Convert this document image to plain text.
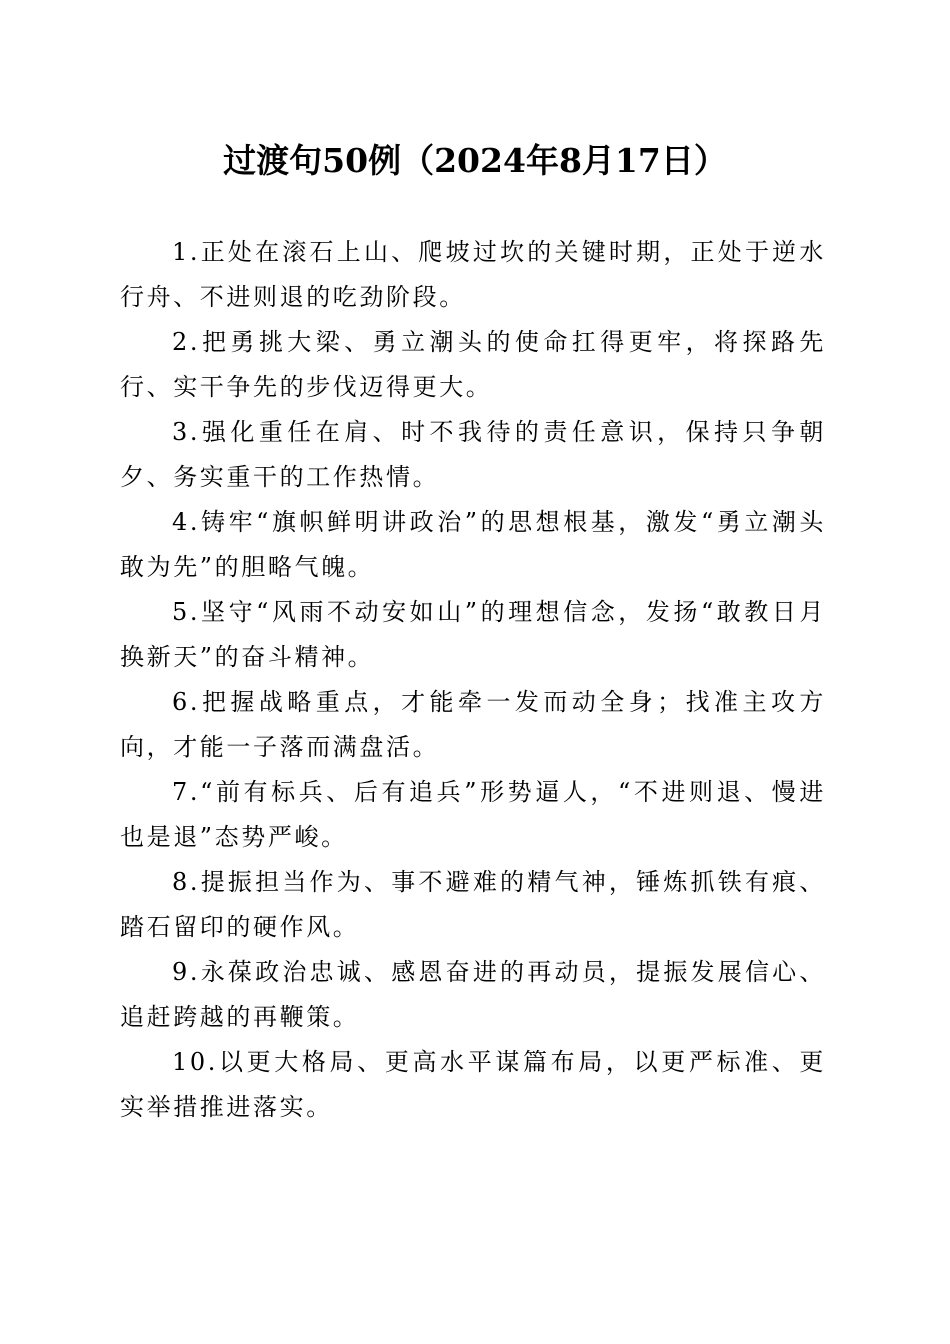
过渡句50例（2024年8月17日）

1.正处在滚石上山、爬坡过坎的关键时期，正处于逆水行舟、不进则退的吃劲阶段。

2.把勇挑大梁、勇立潮头的使命扛得更牢，将探路先行、实干争先的步伐迈得更大。

3.强化重任在肩、时不我待的责任意识，保持只争朝夕、务实重干的工作热情。

4.铸牢“旗帜鲜明讲政治”的思想根基，激发“勇立潮头敢为先”的胆略气魄。

5.坚守“风雨不动安如山”的理想信念，发扬“敢教日月换新天”的奋斗精神。

6.把握战略重点，才能牵一发而动全身；找准主攻方向，才能一子落而满盘活。

7.“前有标兵、后有追兵”形势逼人，“不进则退、慢进也是退”态势严峻。

8.提振担当作为、事不避难的精气神，锤炼抓铁有痕、踏石留印的硬作风。

9.永葆政治忠诚、感恩奋进的再动员，提振发展信心、追赶跨越的再鞭策。

10.以更大格局、更高水平谋篇布局，以更严标准、更实举措推进落实。
